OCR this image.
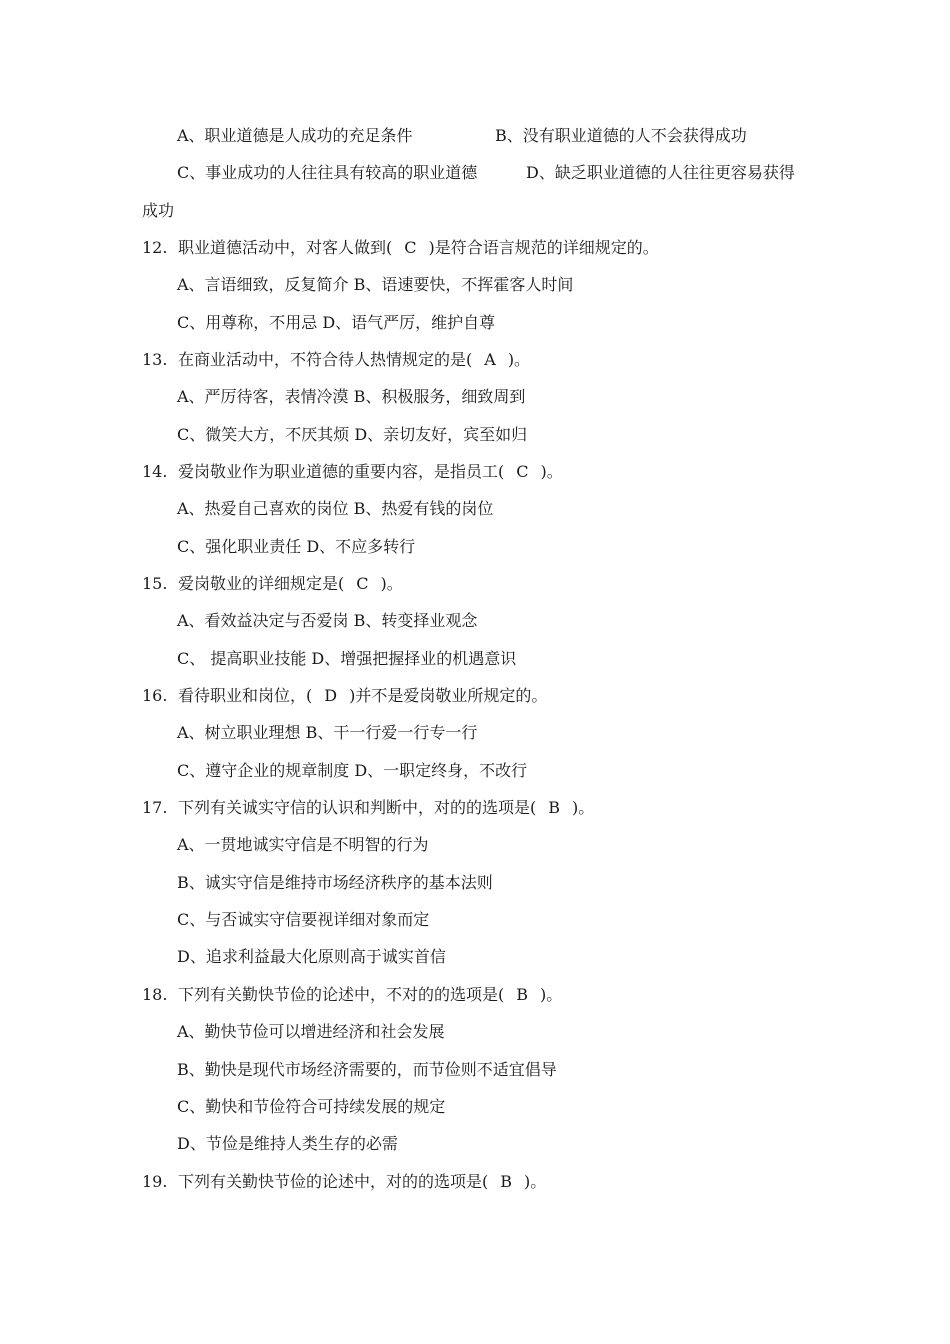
A、职业道德是人成功的充足条件	B、没有职业道德的人不会获得成功
C、事业成功的人往往具有较高的职业道德	D、缺乏职业道德的人往往更容易获得
成功
12. 职业道德活动中，对客人做到( C )是符合语言规范的详细规定的。
A、言语细致，反复简介 B、语速要快，不挥霍客人时间
C、用尊称，不用忌 D、语气严厉，维护自尊
13. 在商业活动中，不符合待人热情规定的是( A )。
A、严厉待客，表情冷漠 B、积极服务，细致周到
C、微笑大方，不厌其烦 D、亲切友好，宾至如归
14. 爱岗敬业作为职业道德的重要内容，是指员工( C )。
A、热爱自己喜欢的岗位 B、热爱有钱的岗位
C、强化职业责任 D、不应多转行
15. 爱岗敬业的详细规定是( C )。
A、看效益决定与否爱岗 B、转变择业观念
C、 提高职业技能 D、增强把握择业的机遇意识
16. 看待职业和岗位，( D )并不是爱岗敬业所规定的。
A、树立职业理想 B、干一行爱一行专一行
C、遵守企业的规章制度 D、一职定终身，不改行
17. 下列有关诚实守信的认识和判断中，对的的选项是( B )。
A、一贯地诚实守信是不明智的行为
B、诚实守信是维持市场经济秩序的基本法则
C、与否诚实守信要视详细对象而定
D、追求利益最大化原则高于诚实首信
18. 下列有关勤快节俭的论述中，不对的的选项是( B )。
A、勤快节俭可以增进经济和社会发展
B、勤快是现代市场经济需要的，而节俭则不适宜倡导
C、勤快和节俭符合可持续发展的规定
D、节俭是维持人类生存的必需
19. 下列有关勤快节俭的论述中，对的的选项是( B )。
